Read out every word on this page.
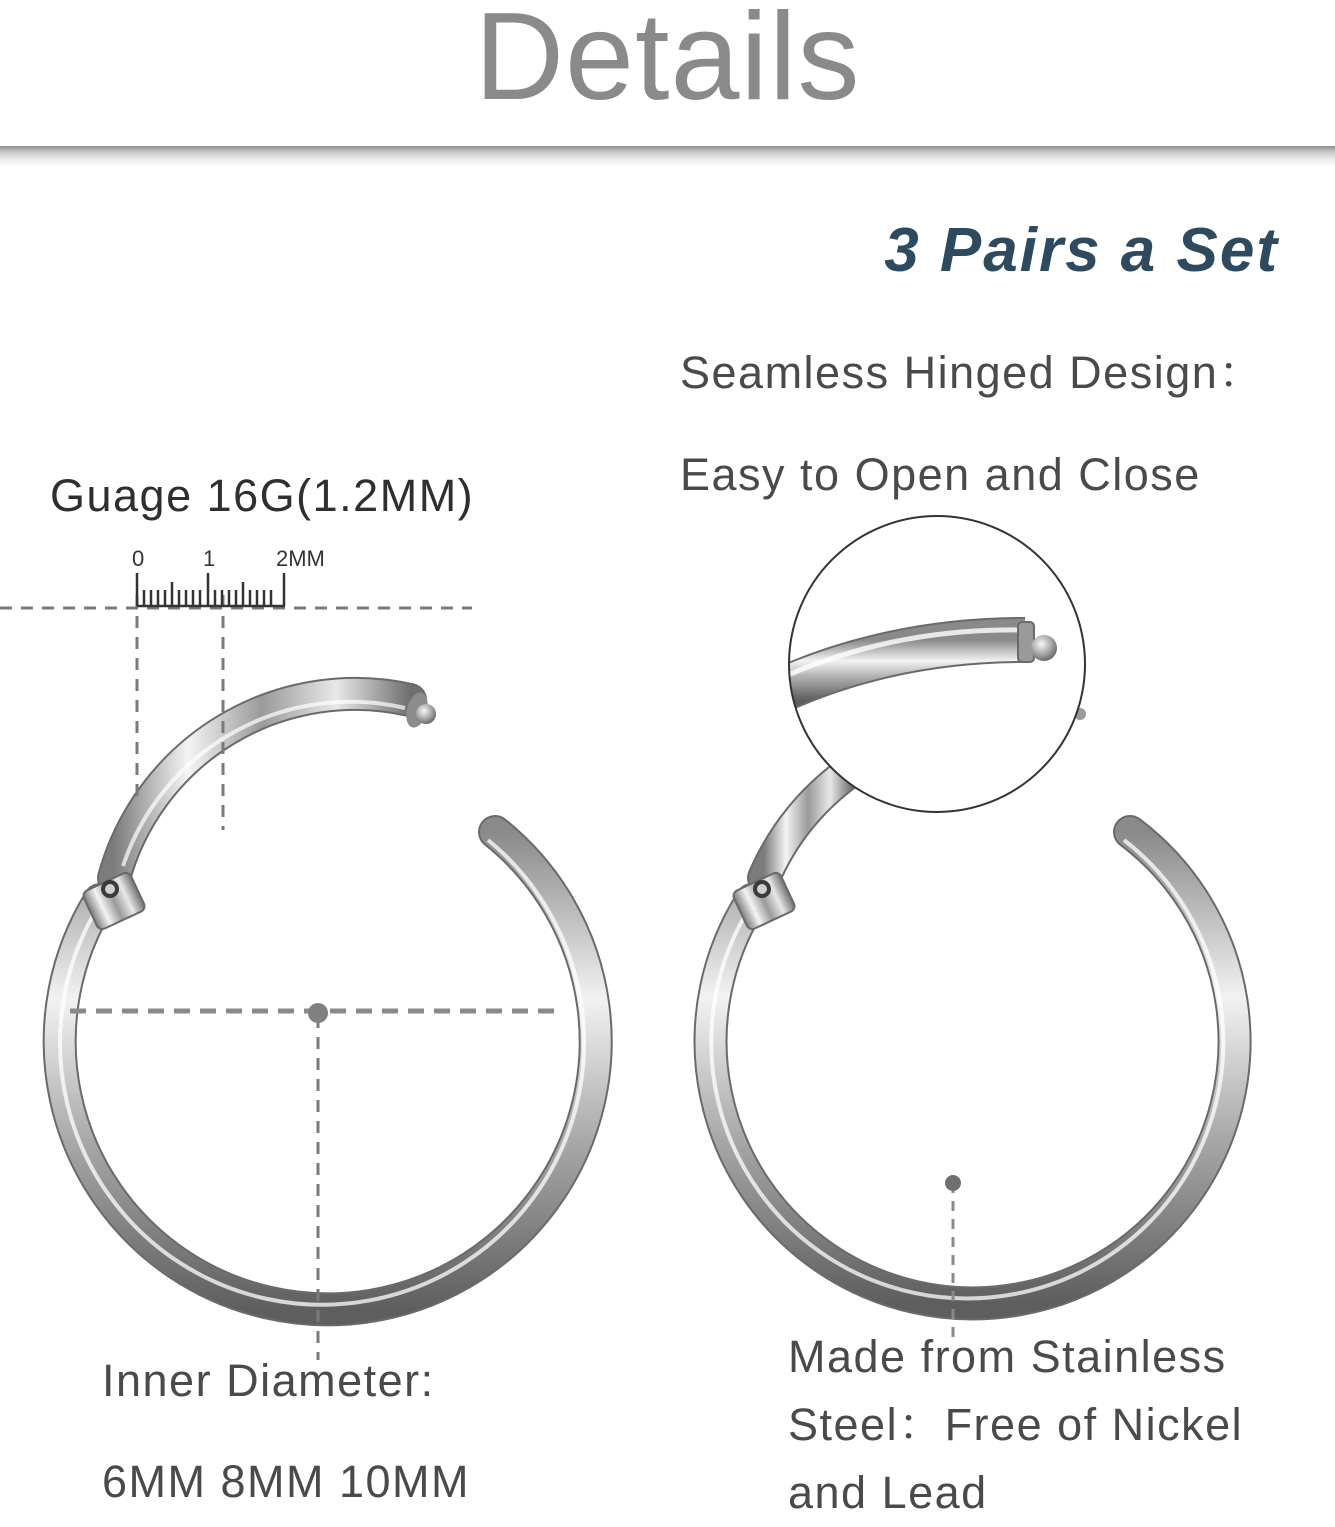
0	1	2MM
Details
3 Pairs a Set
Seamless Hinged Design：
Easy to Open and Close
Guage 16G(1.2MM)
Inner Diameter:
6MM 8MM 10MM
Made from Stainless
Steel：Free of Nickel
and Lead
